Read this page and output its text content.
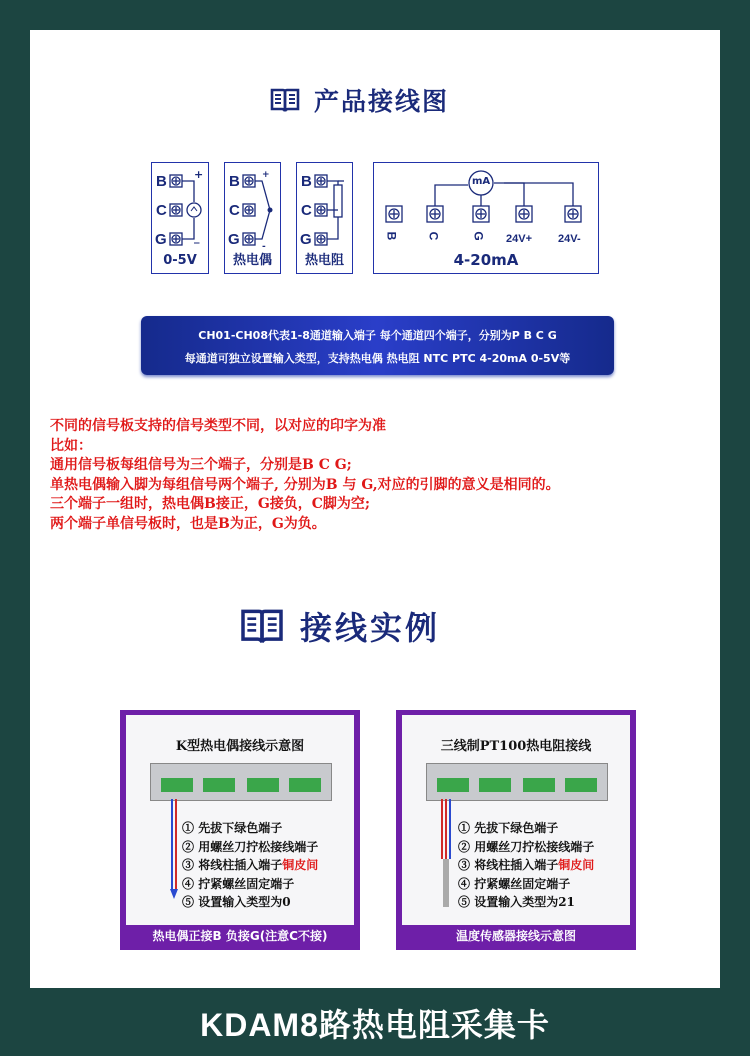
产品接线图
B
C
G
+
_
0-5V
B
C
G
+
-
热电偶
B
C
G
热电阻
mA
B C	G 24V+ 24V-
4-20mA
CH01-CH08代表1-8通道输入端子 每个通道四个端子，分别为P B C G
每通道可独立设置输入类型，支持热电偶 热电阻 NTC PTC 4-20mA 0-5V等
不同的信号板支持的信号类型不同，以对应的印字为准
比如：
通用信号板每组信号为三个端子，分别是B C G;
单热电偶输入脚为每组信号两个端子, 分别为B 与 G,对应的引脚的意义是相同的。
三个端子一组时，热电偶B接正，G接负，C脚为空;
两个端子单信号板时，也是B为正，G为负。
接线实例
K型热电偶接线示意图
① 先拔下绿色端子
② 用螺丝刀拧松接线端子
③ 将线柱插入端子铜皮间
④ 拧紧螺丝固定端子
⑤ 设置输入类型为0
热电偶正接B 负接G(注意C不接)
三线制PT100热电阻接线
① 先拔下绿色端子
② 用螺丝刀拧松接线端子
③ 将线柱插入端子铜皮间
④ 拧紧螺丝固定端子
⑤ 设置输入类型为21
温度传感器接线示意图
KDAM8路热电阻采集卡
